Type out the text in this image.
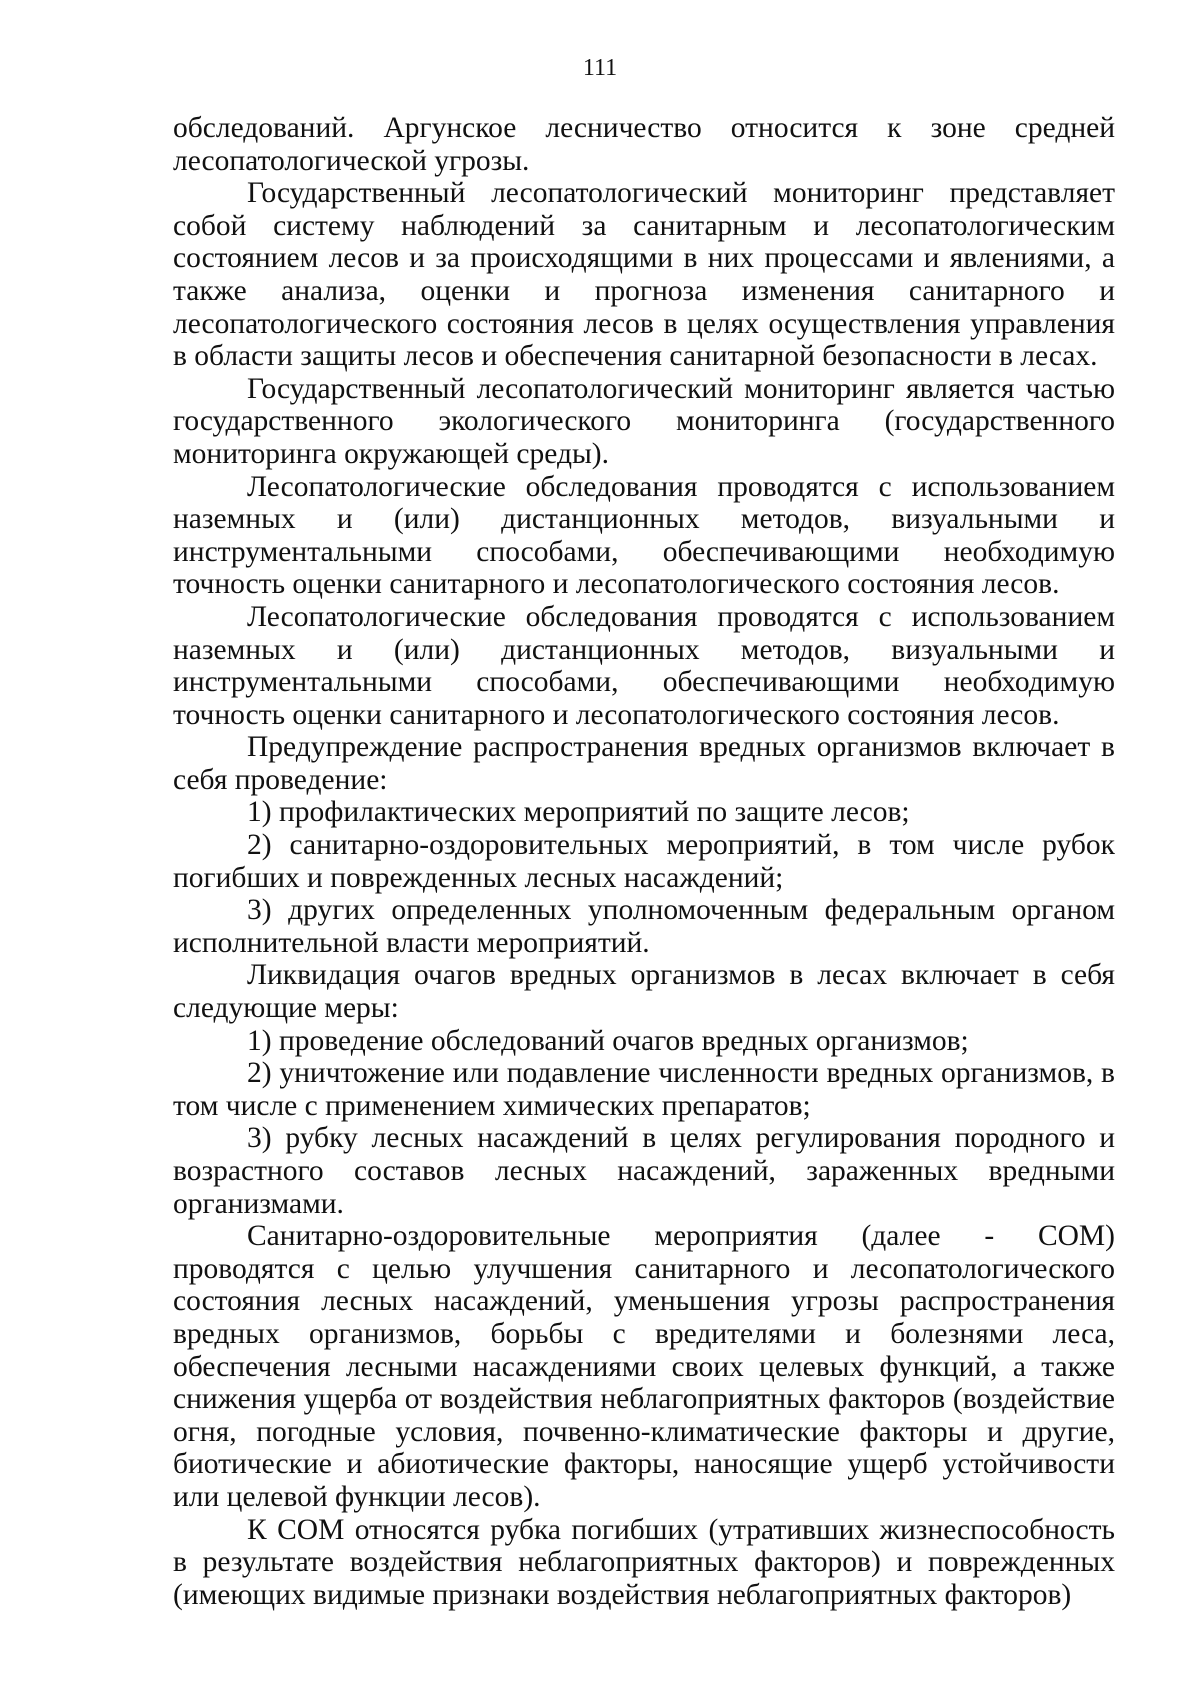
111

обследований. Аргунское лесничество относится к зоне средней лесопатологической угрозы.

Государственный лесопатологический мониторинг представляет собой систему наблюдений за санитарным и лесопатологическим состоянием лесов и за происходящими в них процессами и явлениями, а также анализа, оценки и прогноза изменения санитарного и лесопатологического состояния лесов в целях осуществления управления в области защиты лесов и обеспечения санитарной безопасности в лесах.

Государственный лесопатологический мониторинг является частью государственного экологического мониторинга (государственного мониторинга окружающей среды).

Лесопатологические обследования проводятся с использованием наземных и (или) дистанционных методов, визуальными и инструментальными способами, обеспечивающими необходимую точность оценки санитарного и лесопатологического состояния лесов.

Лесопатологические обследования проводятся с использованием наземных и (или) дистанционных методов, визуальными и инструментальными способами, обеспечивающими необходимую точность оценки санитарного и лесопатологического состояния лесов.

Предупреждение распространения вредных организмов включает в себя проведение:

1) профилактических мероприятий по защите лесов;

2) санитарно-оздоровительных мероприятий, в том числе рубок погибших и поврежденных лесных насаждений;

3) других определенных уполномоченным федеральным органом исполнительной власти мероприятий.

Ликвидация очагов вредных организмов в лесах включает в себя следующие меры:

1) проведение обследований очагов вредных организмов;

2) уничтожение или подавление численности вредных организмов, в том числе с применением химических препаратов;

3) рубку лесных насаждений в целях регулирования породного и возрастного составов лесных насаждений, зараженных вредными организмами.

Санитарно-оздоровительные мероприятия (далее - СОМ) проводятся с целью улучшения санитарного и лесопатологического состояния лесных насаждений, уменьшения угрозы распространения вредных организмов, борьбы с вредителями и болезнями леса, обеспечения лесными насаждениями своих целевых функций, а также снижения ущерба от воздействия неблагоприятных факторов (воздействие огня, погодные условия, почвенно-климатические факторы и другие, биотические и абиотические факторы, наносящие ущерб устойчивости или целевой функции лесов).

К СОМ относятся рубка погибших (утративших жизнеспособность в результате воздействия неблагоприятных факторов) и поврежденных (имеющих видимые признаки воздействия неблагоприятных факторов)
